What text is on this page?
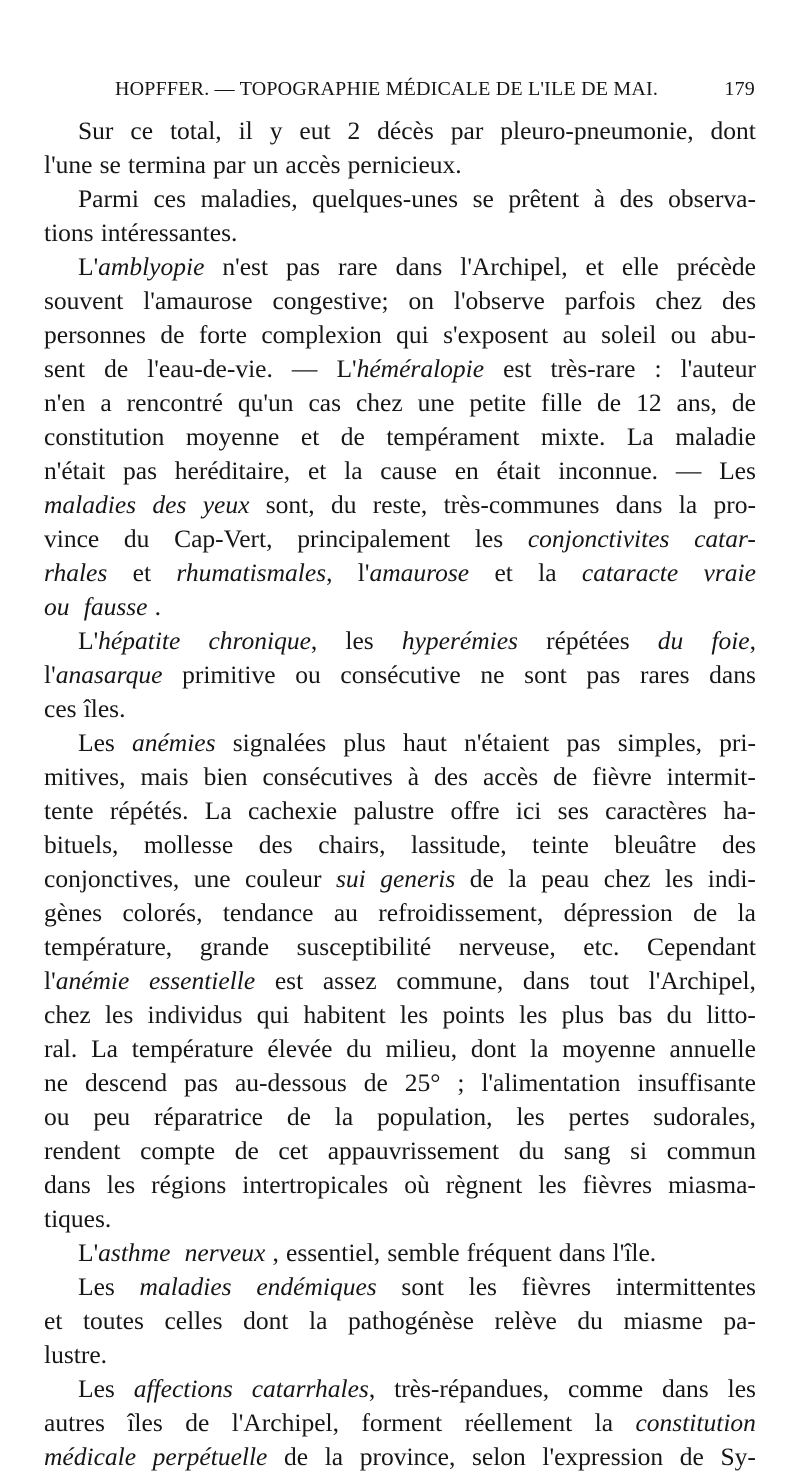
HOPFFER. — TOPOGRAPHIE MÉDICALE DE L'ILE DE MAI.	179
Sur ce total, il y eut 2 décès par pleuro-pneumonie, dont
l'une se termina par un accès pernicieux.
Parmi ces maladies, quelques-unes se prêtent à des observa-
tions intéressantes.
L'amblyopie n'est pas rare dans l'Archipel, et elle précède
souvent l'amaurose congestive; on l'observe parfois chez des
personnes de forte complexion qui s'exposent au soleil ou abu-
sent de l'eau-de-vie. — L'héméralopie est très-rare : l'auteur
n'en a rencontré qu'un cas chez une petite fille de 12 ans, de
constitution moyenne et de tempérament mixte. La maladie
n'était pas heréditaire, et la cause en était inconnue. — Les
maladies des yeux sont, du reste, très-communes dans la pro-
vince du Cap-Vert, principalement les conjonctivites catar-
rhales et rhumatismales, l'amaurose et la cataracte vraie
ou fausse .
L'hépatite chronique, les hyperémies répétées du foie,
l'anasarque primitive ou consécutive ne sont pas rares dans
ces îles.
Les anémies signalées plus haut n'étaient pas simples, pri-
mitives, mais bien consécutives à des accès de fièvre intermit-
tente répétés. La cachexie palustre offre ici ses caractères ha-
bituels, mollesse des chairs, lassitude, teinte bleuâtre des
conjonctives, une couleur sui generis de la peau chez les indi-
gènes colorés, tendance au refroidissement, dépression de la
température, grande susceptibilité nerveuse, etc. Cependant
l'anémie essentielle est assez commune, dans tout l'Archipel,
chez les individus qui habitent les points les plus bas du litto-
ral. La température élevée du milieu, dont la moyenne annuelle
ne descend pas au-dessous de 25° ; l'alimentation insuffisante
ou peu réparatrice de la population, les pertes sudorales,
rendent compte de cet appauvrissement du sang si commun
dans les régions intertropicales où règnent les fièvres miasma-
tiques.
L'asthme nerveux , essentiel, semble fréquent dans l'île.
Les maladies endémiques sont les fièvres intermittentes
et toutes celles dont la pathogénèse relève du miasme pa-
lustre.
Les affections catarrhales, très-répandues, comme dans les
autres îles de l'Archipel, forment réellement la constitution
médicale perpétuelle de la province, selon l'expression de Sy-
